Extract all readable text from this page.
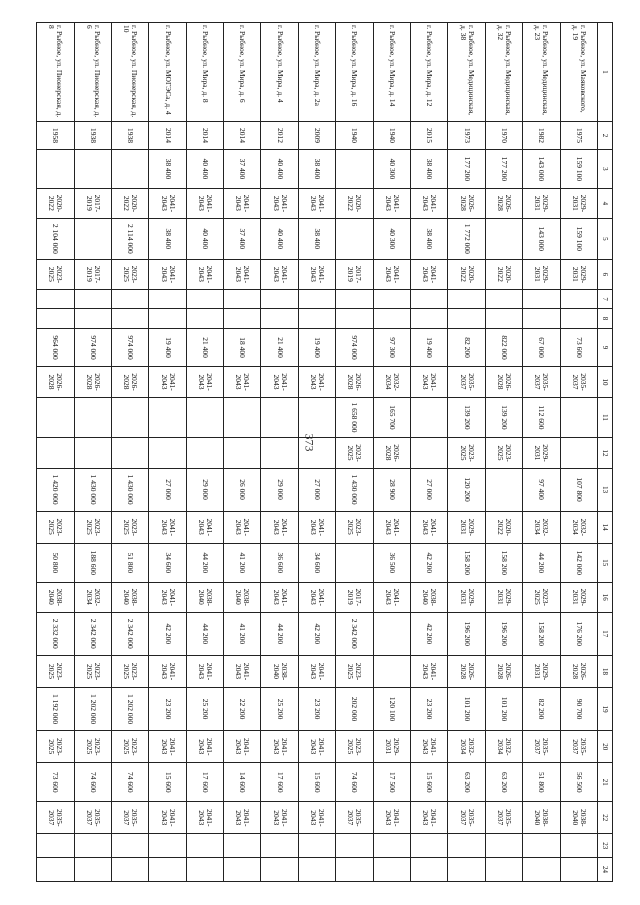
373
1	2	3	4	5	6	7	8	9	10	11	12	13	14	15	16	17	18	19	20	21	22	23	24
г. Рыбное, ул. Маяковского, д. 19	1975	159 100	2029-2031	159 100	2029-2031			73 600	2035-2037			107 800	2032-2034	142 000	2029-2031	176 200	2026-2028	90 700	2035-2037	56 500	2038-2040		
г. Рыбное, ул. Медицинская, д. 23	1982	143 000	2029-2031	143 000	2029-2031			67 000	2035-2037	112 600	2029-2031	97 400	2032-2034	44 200	2023-2025	158 200	2029-2031	82 200	2035-2037	51 800	2038-2040		
г. Рыбное, ул. Медицинская, д. 32	1970	177 200	2026-2028		2020-2022			822 000	2026-2028	139 200	2023-2025		2020-2022	158 200	2029-2031	196 200	2026-2028	101 200	2032-2034	63 200	2035-2037		
г. Рыбное, ул. Медицинская, д. 38	1973	177 200	2026-2028	1 772 000	2020-2022			82 200	2035-2037	139 200	2023-2025	120 200	2029-2031	158 200	2029-2031	196 200	2026-2028	101 200	2032-2034	63 200	2035-2037		
г. Рыбное, ул. Мира, д. 12	2015	38 400	2041-2043	38 400	2041-2043			19 400	2041-2043			27 000	2041-2043	42 200	2038-2040	42 200	2041-2043	23 200	2041-2043	15 600	2041-2043		
г. Рыбное, ул. Мира, д. 14	1940	40 300	2041-2043	40 300	2041-2043			97 300	2032-2034	165 700	2026-2028	28 900	2041-2043	36 500	2041-2043			120 100	2029-2031	17 500	2041-2043		
г. Рыбное, ул. Мира, д. 16	1940		2020-2022		2017-2019			974 000	2026-2028	1 658 000	2023-2025	1 430 000	2023-2025		2017-2019	2 342 000	2023-2025	202 000	2023-2025	74 600	2035-2037		
г. Рыбное, ул. Мира, д. 2а	2009	38 400	2041-2043	38 400	2041-2043			19 400	2041-2043			27 000	2041-2043	34 600	2041-2043	42 200	2041-2043	23 200	2041-2043	15 600	2041-2043		
г. Рыбное, ул. Мира, д. 4	2012	40 400	2041-2043	40 400	2041-2043			21 400	2041-2043			29 000	2041-2043	36 600	2041-2043	44 200	2038-2040	25 200	2041-2043	17 600	2041-2043		
г. Рыбное, ул. Мира, д. 6	2014	37 400	2041-2043	37 400	2041-2043			18 400	2041-2043			26 000	2041-2043	41 200	2038-2040	41 200	2041-2043	22 200	2041-2043	14 600	2041-2043		
г. Рыбное, ул. Мира, д. 8	2014	40 400	2041-2043	40 400	2041-2043			21 400	2041-2043			29 000	2041-2043	44 200	2038-2040	44 200	2041-2043	25 200	2041-2043	17 600	2041-2043		
г. Рыбное, ул. МОГЭСа, д. 4	2014	38 400	2041-2043	38 400	2041-2043			19 400	2041-2043			27 000	2041-2043	34 600	2041-2043	42 200	2041-2043	23 200	2041-2043	15 600	2041-2043		
г. Рыбное, ул. Пионерская, д. 10	1938		2020-2022	2 114 000	2023-2025			974 000	2026-2028			1 430 000	2023-2025	51 800	2038-2040	2 342 000	2023-2025	1 202 000	2023-2025	74 600	2035-2037		
г. Рыбное, ул. Пионерская, д. 6	1938		2017-2019		2017-2019			974 000	2026-2028			1 430 000	2023-2025	188 600	2032-2034	2 342 000	2023-2025	1 202 000	2023-2025	74 600	2035-2037		
г. Рыбное, ул. Пионерская, д. 8	1958		2020-2022	2 104 000	2023-2025			964 000	2026-2028			1 420 000	2023-2025	50 800	2038-2040	2 332 000	2023-2025	1 192 000	2023-2025	73 600	2035-2037		
